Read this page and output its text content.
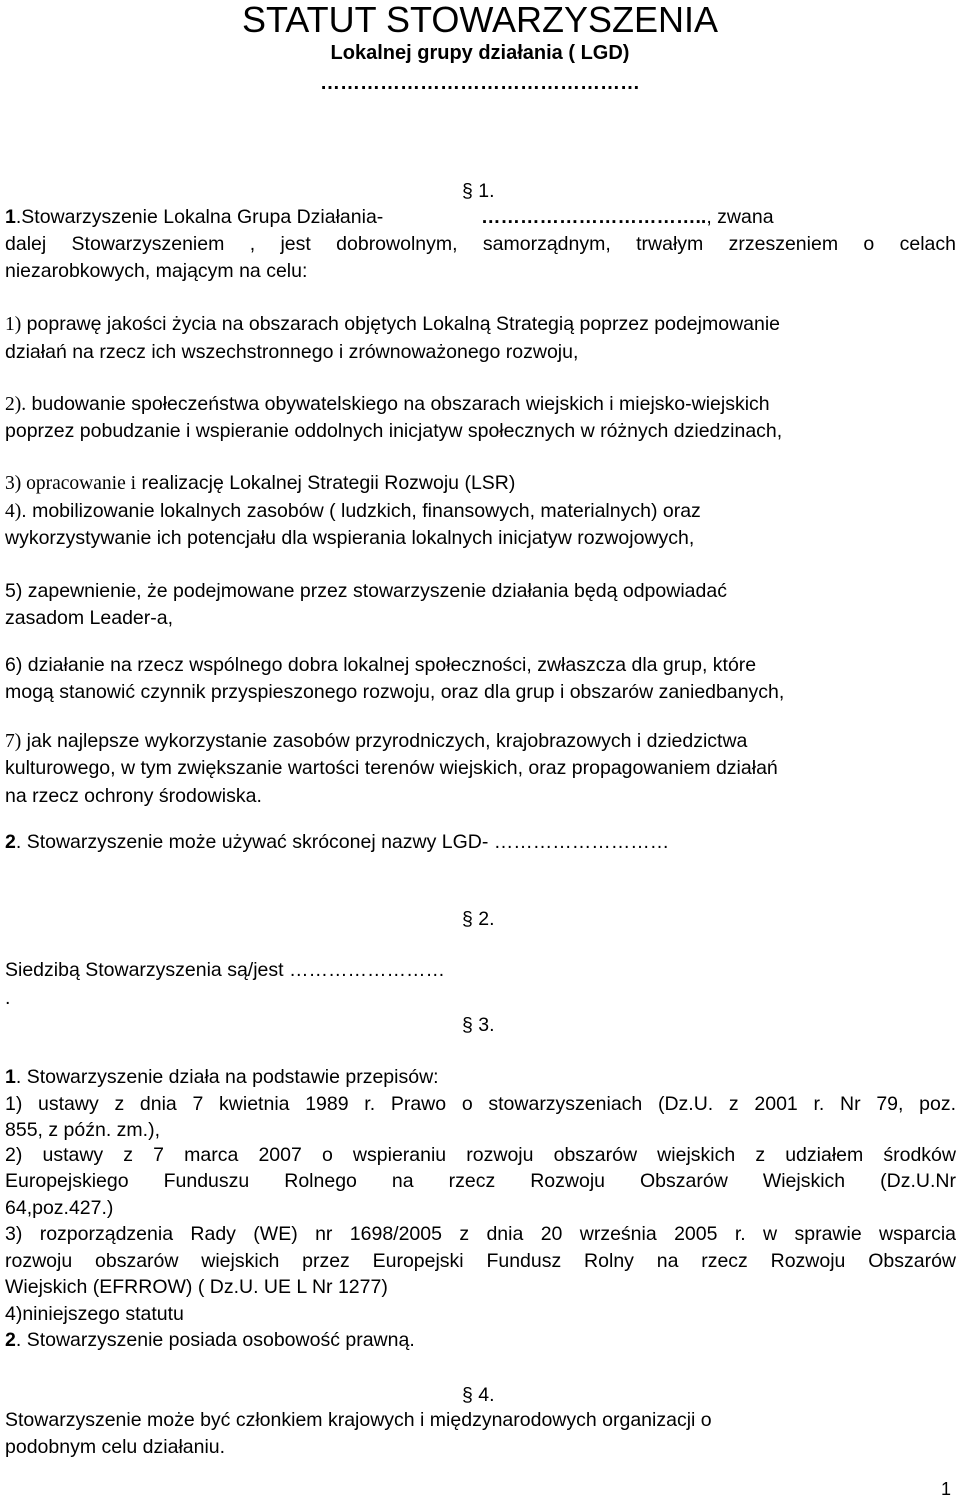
STATUT STOWARZYSZENIA
Lokalnej grupy działania ( LGD)
…………………………………………
§ 1.
1.Stowarzyszenie Lokalna Grupa Działania-	…………………………….., zwana
dalej Stowarzyszeniem , jest dobrowolnym, samorządnym, trwałym zrzeszeniem o celach
niezarobkowych, mającym na celu:
1) poprawę jakości życia na obszarach objętych Lokalną Strategią poprzez podejmowanie
działań na rzecz ich wszechstronnego i zrównoważonego rozwoju,
2). budowanie społeczeństwa obywatelskiego na obszarach wiejskich i miejsko-wiejskich
poprzez pobudzanie i wspieranie oddolnych inicjatyw społecznych w różnych dziedzinach,
3) opracowanie i realizację Lokalnej Strategii Rozwoju (LSR)
4). mobilizowanie lokalnych zasobów ( ludzkich, finansowych, materialnych) oraz
wykorzystywanie ich potencjału dla wspierania lokalnych inicjatyw rozwojowych,
5) zapewnienie, że podejmowane przez stowarzyszenie działania będą odpowiadać
zasadom Leader-a,
6) działanie na rzecz wspólnego dobra lokalnej społeczności, zwłaszcza dla grup, które
mogą stanowić czynnik przyspieszonego rozwoju, oraz dla grup i obszarów zaniedbanych,
7) jak najlepsze wykorzystanie zasobów przyrodniczych, krajobrazowych i dziedzictwa
kulturowego, w tym zwiększanie wartości terenów wiejskich, oraz propagowaniem działań
na rzecz ochrony środowiska.
2. Stowarzyszenie może używać skróconej nazwy LGD- ………………………
§ 2.
Siedzibą Stowarzyszenia są/jest ……………………
.
§ 3.
1. Stowarzyszenie działa na podstawie przepisów:
1) ustawy z dnia 7 kwietnia 1989 r. Prawo o stowarzyszeniach (Dz.U. z 2001 r. Nr 79, poz.
855, z późn. zm.),
2) ustawy z 7 marca 2007 o wspieraniu rozwoju obszarów wiejskich z udziałem środków
Europejskiego Funduszu Rolnego na rzecz Rozwoju Obszarów Wiejskich (Dz.U.Nr
64,poz.427.)
3) rozporządzenia Rady (WE) nr 1698/2005 z dnia 20 września 2005 r. w sprawie wsparcia
rozwoju obszarów wiejskich przez Europejski Fundusz Rolny na rzecz Rozwoju Obszarów
Wiejskich (EFRROW) ( Dz.U. UE L Nr 1277)
4)niniejszego statutu
2. Stowarzyszenie posiada osobowość prawną.
§ 4.
Stowarzyszenie może być członkiem krajowych i międzynarodowych organizacji o
podobnym celu działaniu.
1
